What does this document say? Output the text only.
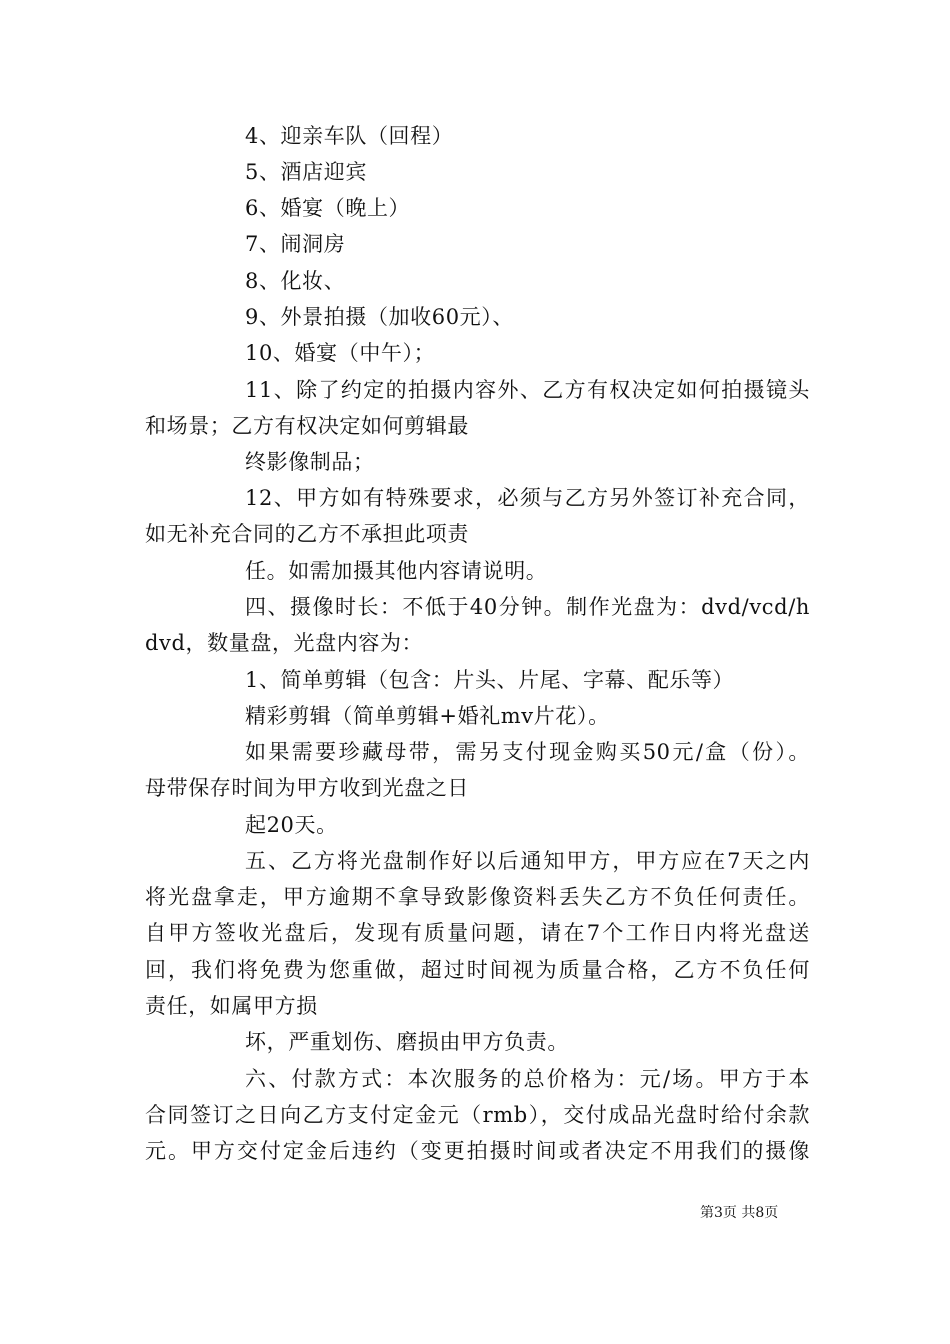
4、迎亲车队（回程）
5、酒店迎宾
6、婚宴（晚上）
7、闹洞房
8、化妆、
9、外景拍摄（加收60元）、
10、婚宴（中午）；
11、除了约定的拍摄内容外、乙方有权决定如何拍摄镜头
和场景；乙方有权决定如何剪辑最
终影像制品；
12、甲方如有特殊要求，必须与乙方另外签订补充合同，
如无补充合同的乙方不承担此项责
任。如需加摄其他内容请说明。
四、摄像时长：不低于40分钟。制作光盘为：dvd/vcd/h
dvd，数量盘，光盘内容为：
1、简单剪辑（包含：片头、片尾、字幕、配乐等）
精彩剪辑（简单剪辑+婚礼mv片花）。
如果需要珍藏母带，需另支付现金购买50元/盒（份）。
母带保存时间为甲方收到光盘之日
起20天。
五、乙方将光盘制作好以后通知甲方，甲方应在7天之内
将光盘拿走，甲方逾期不拿导致影像资料丢失乙方不负任何责任。
自甲方签收光盘后，发现有质量问题，请在7个工作日内将光盘送
回，我们将免费为您重做，超过时间视为质量合格，乙方不负任何
责任，如属甲方损
坏，严重划伤、磨损由甲方负责。
六、付款方式：本次服务的总价格为：元/场。甲方于本
合同签订之日向乙方支付定金元（rmb），交付成品光盘时给付余款
元。甲方交付定金后违约（变更拍摄时间或者决定不用我们的摄像
第3页 共8页
